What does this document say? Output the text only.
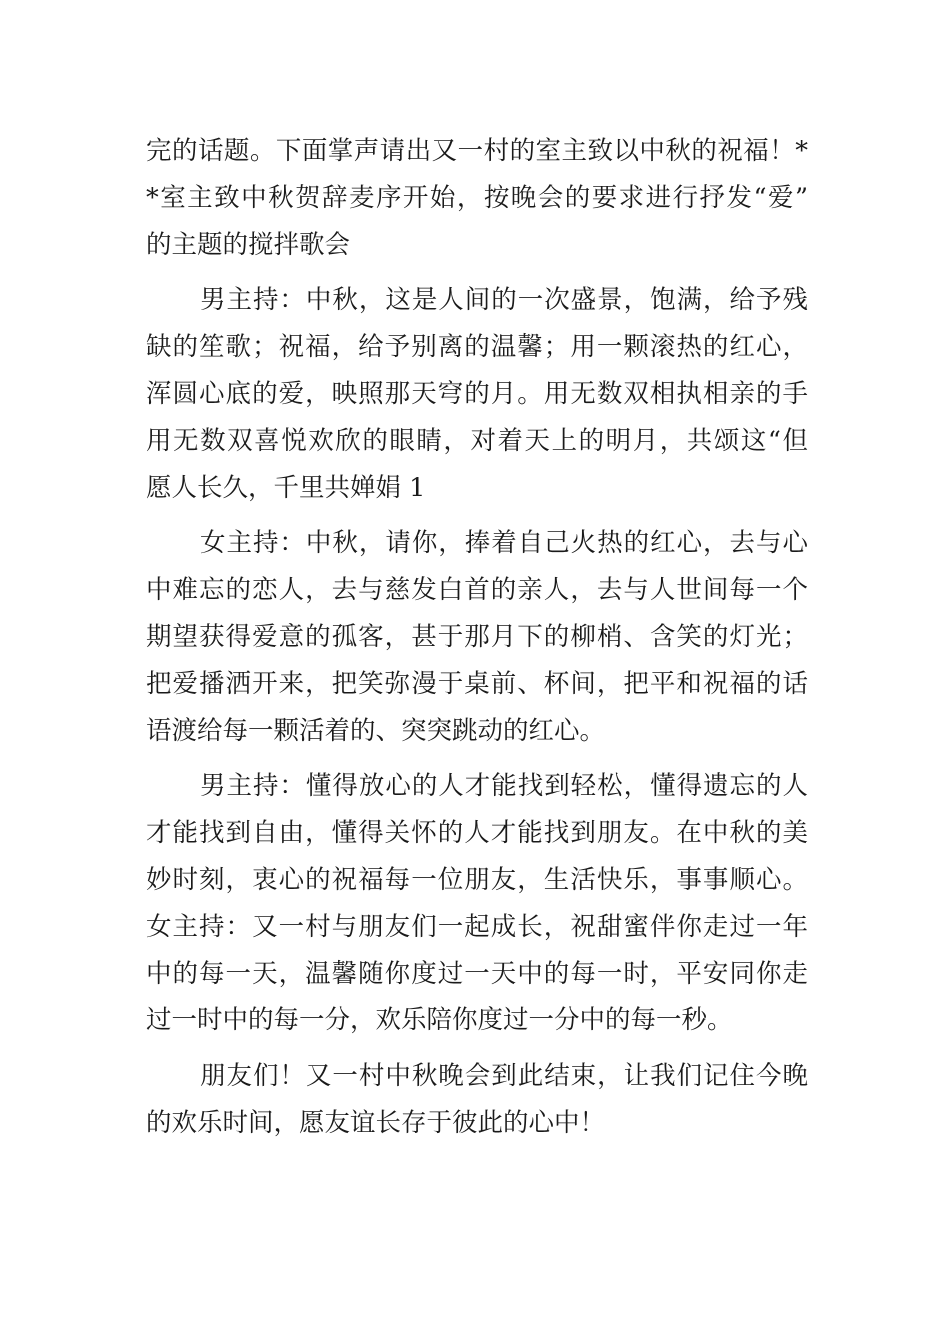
完的话题。下面掌声请出又一村的室主致以中秋的祝福！*
*室主致中秋贺辞麦序开始，按晚会的要求进行抒发“爱”
的主题的搅拌歌会
男主持：中秋，这是人间的一次盛景，饱满，给予残
缺的笙歌；祝福，给予别离的温馨；用一颗滚热的红心，
浑圆心底的爱，映照那天穹的月。用无数双相执相亲的手
用无数双喜悦欢欣的眼睛，对着天上的明月，共颂这“但
愿人长久，千里共婵娟 1
女主持：中秋，请你，捧着自己火热的红心，去与心
中难忘的恋人，去与慈发白首的亲人，去与人世间每一个
期望获得爱意的孤客，甚于那月下的柳梢、含笑的灯光；
把爱播洒开来，把笑弥漫于桌前、杯间，把平和祝福的话
语渡给每一颗活着的、突突跳动的红心。
男主持：懂得放心的人才能找到轻松，懂得遗忘的人
才能找到自由，懂得关怀的人才能找到朋友。在中秋的美
妙时刻，衷心的祝福每一位朋友，生活快乐，事事顺心。
女主持：又一村与朋友们一起成长，祝甜蜜伴你走过一年
中的每一天，温馨随你度过一天中的每一时，平安同你走
过一时中的每一分，欢乐陪你度过一分中的每一秒。
朋友们！又一村中秋晚会到此结束，让我们记住今晚
的欢乐时间，愿友谊长存于彼此的心中！
